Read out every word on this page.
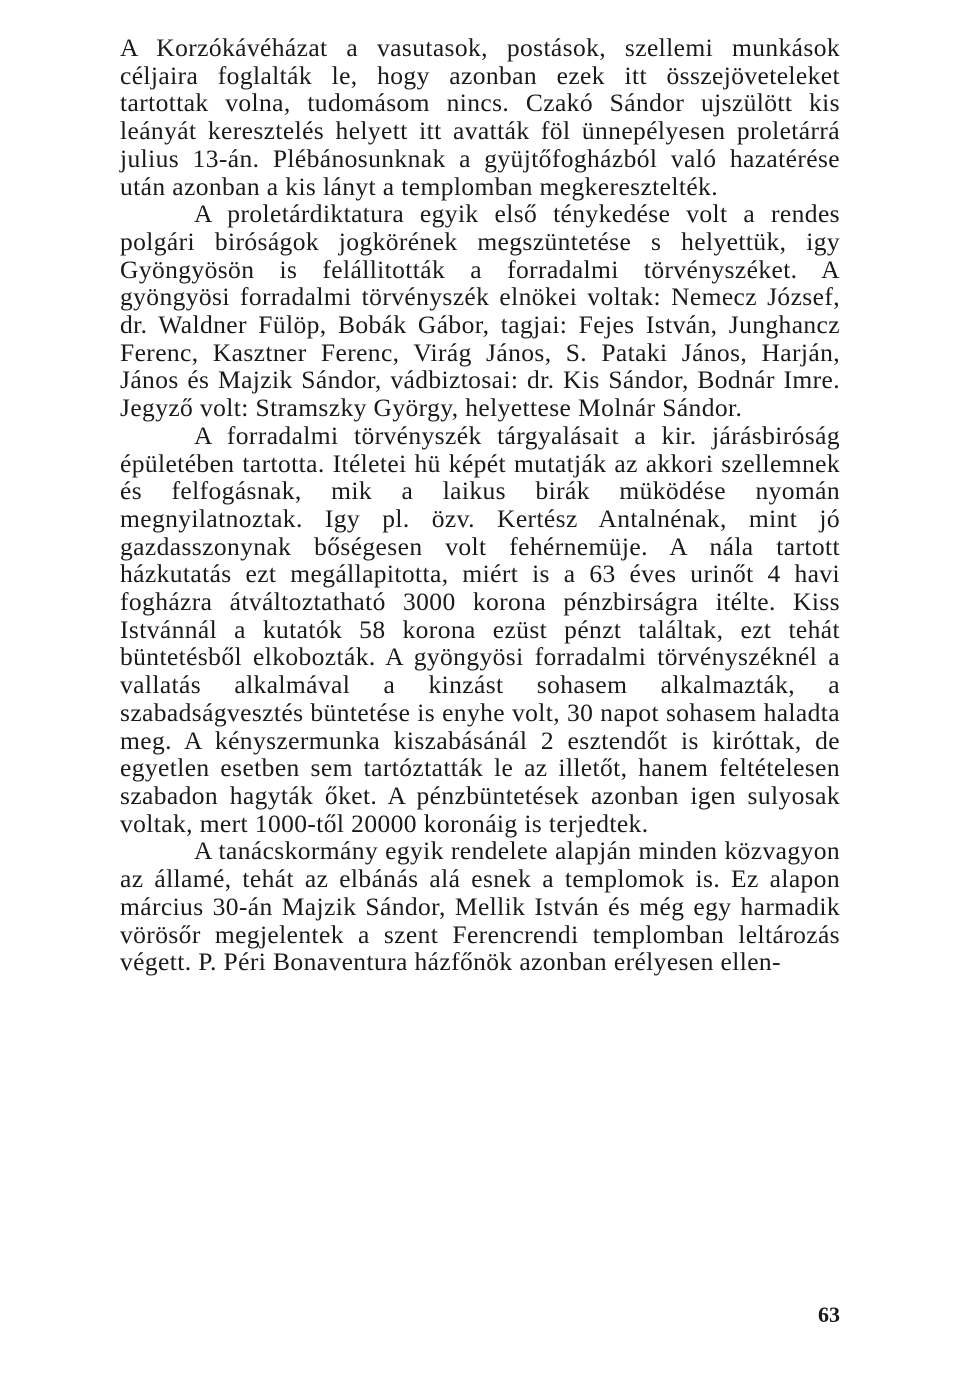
A Korzókávéházat a vasutasok, postások, szellemi munkások céljaira foglalták le, hogy azonban ezek itt összejöveteleket tartottak volna, tudomásom nincs. Czakó Sándor ujszülött kis leányát keresztelés helyett itt avatták föl ünnepélyesen proletárrá julius 13-án. Plébánosunknak a gyüjtőfogházból való hazatérése után azonban a kis lányt a templomban megkeresztelték.

A proletárdiktatura egyik első ténykedése volt a rendes polgári biróságok jogkörének megszüntetése s helyettük, igy Gyöngyösön is felállitották a forradalmi törvényszéket. A gyöngyösi forradalmi törvényszék elnökei voltak: Nemecz József, dr. Waldner Fülöp, Bobák Gábor, tagjai: Fejes István, Junghancz Ferenc, Kasztner Ferenc, Virág János, S. Pataki János, Harján, János és Majzik Sándor, vádbiztosai: dr. Kis Sándor, Bodnár Imre. Jegyző volt: Stramszky György, helyettese Molnár Sándor.

A forradalmi törvényszék tárgyalásait a kir. járásbiróság épületében tartotta. Itéletei hü képét mutatják az akkori szellemnek és felfogásnak, mik a laikus birák müködése nyomán megnyilatnoztak. Igy pl. özv. Kertész Antalnénak, mint jó gazdasszonynak bőségesen volt fehérnemüje. A nála tartott házkutatás ezt megállapitotta, miért is a 63 éves urinőt 4 havi fogházra átváltoztatható 3000 korona pénzbirságra itélte. Kiss Istvánnál a kutatók 58 korona ezüst pénzt találtak, ezt tehát büntetésből elkobozták. A gyöngyösi forradalmi törvényszéknél a vallatás alkalmával a kinzást sohasem alkalmazták, a szabadságvesztés büntetése is enyhe volt, 30 napot sohasem haladta meg. A kényszermunka kiszabásánál 2 esztendőt is kiróttak, de egyetlen esetben sem tartóztatták le az illetőt, hanem feltételesen szabadon hagyták őket. A pénzbüntetések azonban igen sulyosak voltak, mert 1000-től 20000 koronáig is terjedtek.

A tanácskormány egyik rendelete alapján minden közvagyon az államé, tehát az elbánás alá esnek a templomok is. Ez alapon március 30-án Majzik Sándor, Mellik István és még egy harmadik vörösőr megjelentek a szent Ferencrendi templomban leltározás végett. P. Péri Bonaventura házfőnök azonban erélyesen ellen-

63
